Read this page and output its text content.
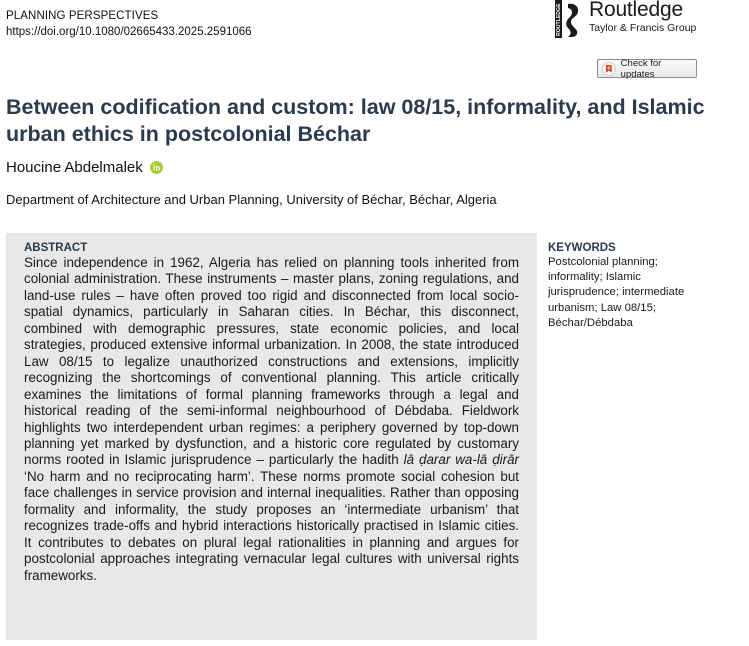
PLANNING PERSPECTIVES
https://doi.org/10.1080/02665433.2025.2591066	ROUTLEDGE Routledge
Taylor & Francis Group
Check for updates
Between codification and custom: law 08/15, informality, and Islamic urban ethics in postcolonial Béchar
Houcine Abdelmalek
Department of Architecture and Urban Planning, University of Béchar, Béchar, Algeria
ABSTRACT

Since independence in 1962, Algeria has relied on planning tools inherited from colonial administration. These instruments – master plans, zoning regulations, and land-use rules – have often proved too rigid and disconnected from local socio-spatial dynamics, particularly in Saharan cities. In Béchar, this disconnect, combined with demographic pressures, state economic policies, and local strategies, produced extensive informal urbanization. In 2008, the state introduced Law 08/15 to legalize unauthorized constructions and extensions, implicitly recognizing the shortcomings of conventional planning. This article critically examines the limitations of formal planning frameworks through a legal and historical reading of the semi-informal neighbourhood of Débdaba. Fieldwork highlights two interdependent urban regimes: a periphery governed by top-down planning yet marked by dysfunction, and a historic core regulated by customary norms rooted in Islamic jurisprudence – particularly the hadith lā ḍarar wa-lā ḍirār ‘No harm and no reciprocating harm’. These norms promote social cohesion but face challenges in service provision and internal inequalities. Rather than opposing formality and informality, the study proposes an ‘intermediate urbanism’ that recognizes trade-offs and hybrid interactions historically practised in Islamic cities. It contributes to debates on plural legal rationalities in planning and argues for postcolonial approaches integrating vernacular legal cultures with universal rights frameworks.

KEYWORDS
Postcolonial planning; informality; Islamic jurisprudence; intermediate urbanism; Law 08/15; Béchar/Débdaba
